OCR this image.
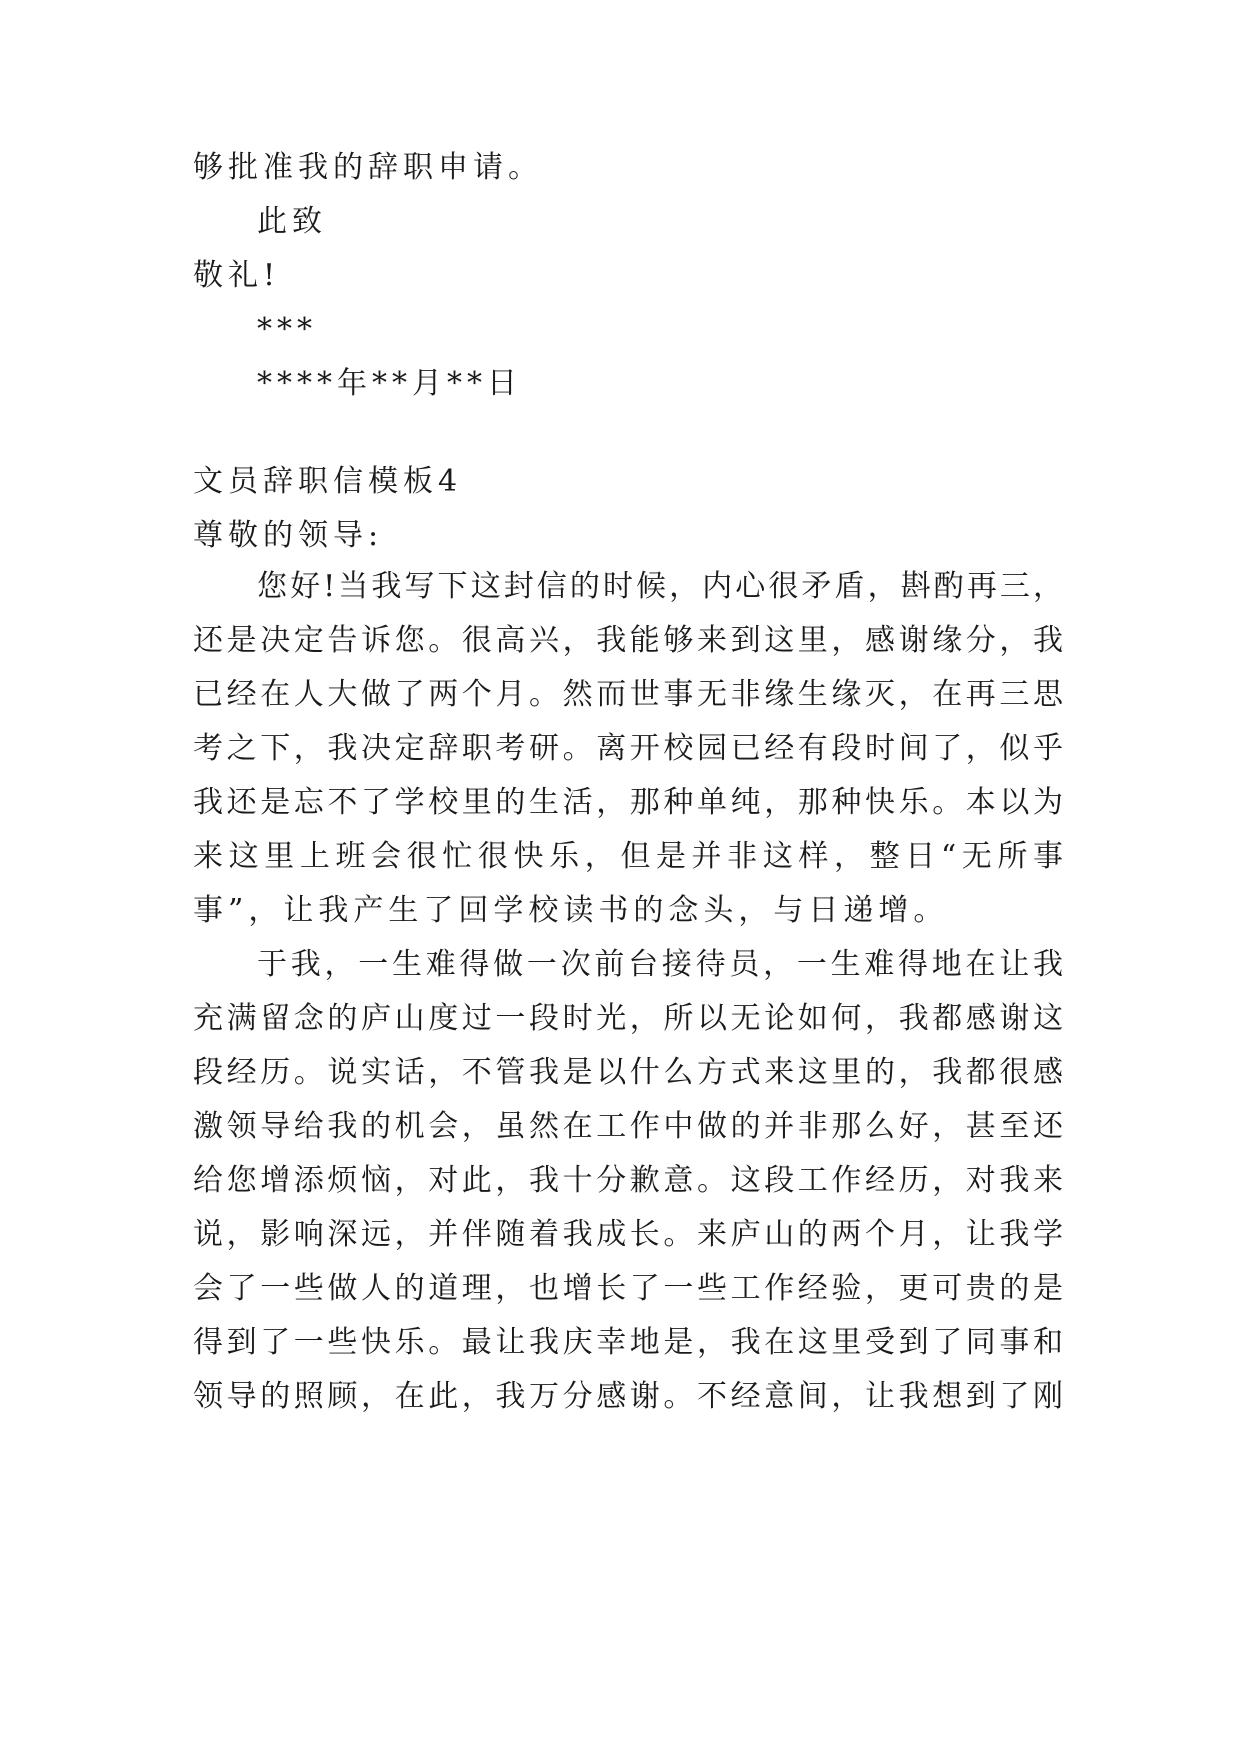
够批准我的辞职申请。

此致

敬礼!

***

****年**月**日

文员辞职信模板4

尊敬的领导:

您好!当我写下这封信的时候，内心很矛盾，斟酌再三，

还是决定告诉您。很高兴，我能够来到这里，感谢缘分，我

已经在人大做了两个月。然而世事无非缘生缘灭，在再三思

考之下，我决定辞职考研。离开校园已经有段时间了，似乎

我还是忘不了学校里的生活，那种单纯，那种快乐。本以为

来这里上班会很忙很快乐，但是并非这样，整日“无所事

事”，让我产生了回学校读书的念头，与日递增。

于我，一生难得做一次前台接待员，一生难得地在让我

充满留念的庐山度过一段时光，所以无论如何，我都感谢这

段经历。说实话，不管我是以什么方式来这里的，我都很感

激领导给我的机会，虽然在工作中做的并非那么好，甚至还

给您增添烦恼，对此，我十分歉意。这段工作经历，对我来

说，影响深远，并伴随着我成长。来庐山的两个月，让我学

会了一些做人的道理，也增长了一些工作经验，更可贵的是

得到了一些快乐。最让我庆幸地是，我在这里受到了同事和

领导的照顾，在此，我万分感谢。不经意间，让我想到了刚
